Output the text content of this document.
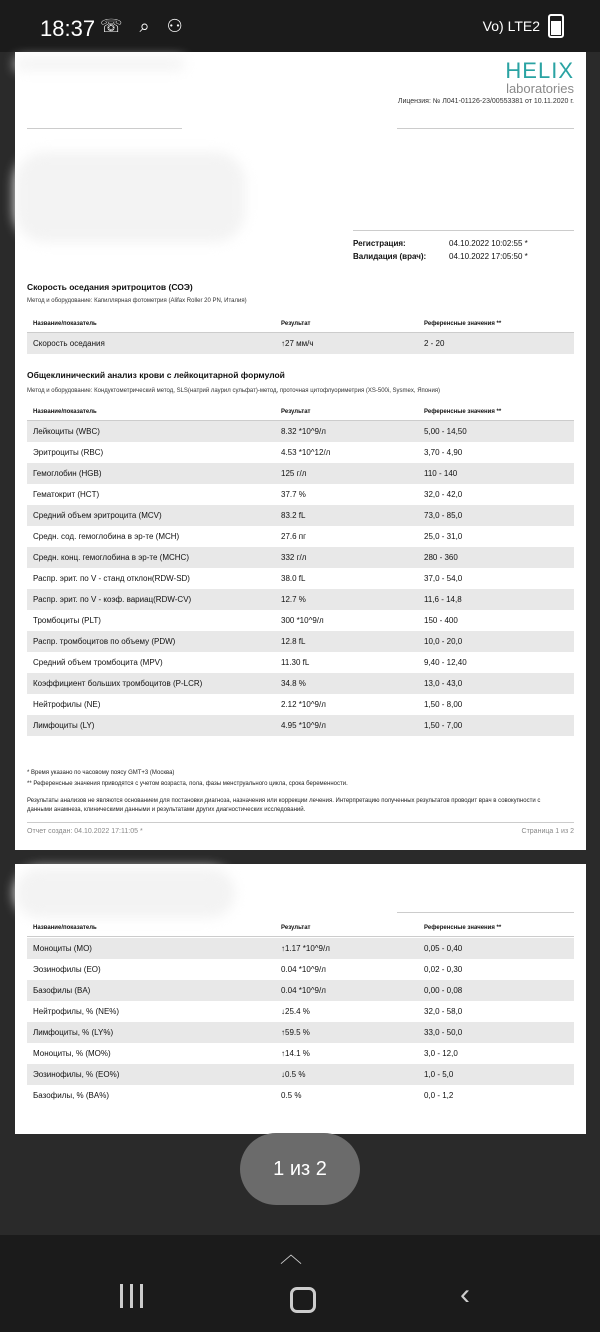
18:37 ☏ ⌕ ⚇	Vo) LTE2
HELIX
laboratories
Лицензия: № Л041-01126-23/00553381 от 10.11.2020 г.
Регистрация:	04.10.2022 10:02:55 *
Валидация (врач):	04.10.2022 17:05:50 *
Скорость оседания эритроцитов (СОЭ)
Метод и оборудование: Капиллярная фотометрия (Alifax Roller 20 PN, Италия)
Название/показатель	Результат	Референсные значения **
Скорость оседания	↑27 мм/ч	2 - 20
Общеклинический анализ крови с лейкоцитарной формулой
Метод и оборудование: Кондуктометрический метод, SLS(натрий лаурил сульфат)-метод, проточная цитофлуориметрия (XS-500i, Sysmex, Япония)
Название/показатель	Результат	Референсные значения **
Лейкоциты (WBC)	8.32 *10^9/л	5,00 - 14,50
Эритроциты (RBC)	4.53 *10^12/л	3,70 - 4,90
Гемоглобин (HGB)	125 г/л	110 - 140
Гематокрит (HCT)	37.7 %	32,0 - 42,0
Средний объем эритроцита (MCV)	83.2 fL	73,0 - 85,0
Средн. сод. гемоглобина в эр-те (MCH)	27.6 пг	25,0 - 31,0
Средн. конц. гемоглобина в эр-те (MCHC)	332 г/л	280 - 360
Распр. эрит. по V - станд отклон(RDW-SD)	38.0 fL	37,0 - 54,0
Распр. эрит. по V - коэф. вариац(RDW-CV)	12.7 %	11,6 - 14,8
Тромбоциты (PLT)	300 *10^9/л	150 - 400
Распр. тромбоцитов по объему (PDW)	12.8 fL	10,0 - 20,0
Средний объем тромбоцита (MPV)	11.30 fL	9,40 - 12,40
Коэффициент больших тромбоцитов (P-LCR)	34.8 %	13,0 - 43,0
Нейтрофилы (NE)	2.12 *10^9/л	1,50 - 8,00
Лимфоциты (LY)	4.95 *10^9/л	1,50 - 7,00
* Время указано по часовому поясу GMT+3 (Москва)
** Референсные значения приводятся с учетом возраста, пола, фазы менструального цикла, срока беременности.
Результаты анализов не являются основанием для постановки диагноза, назначения или коррекции лечения. Интерпретацию полученных результатов проводит врач в совокупности с данными анамнеза, клиническими данными и результатами других диагностических исследований.
Отчет создан: 04.10.2022 17:11:05 *	Страница 1 из 2
Название/показатель	Результат	Референсные значения **
Моноциты (MO)	↑1.17 *10^9/л	0,05 - 0,40
Эозинофилы (EO)	0.04 *10^9/л	0,02 - 0,30
Базофилы (BA)	0.04 *10^9/л	0,00 - 0,08
Нейтрофилы, % (NE%)	↓25.4 %	32,0 - 58,0
Лимфоциты, % (LY%)	↑59.5 %	33,0 - 50,0
Моноциты, % (MO%)	↑14.1 %	3,0 - 12,0
Эозинофилы, % (EO%)	↓0.5 %	1,0 - 5,0
Базофилы, % (BA%)	0.5 %	0,0 - 1,2
1 из 2
︿
‹
